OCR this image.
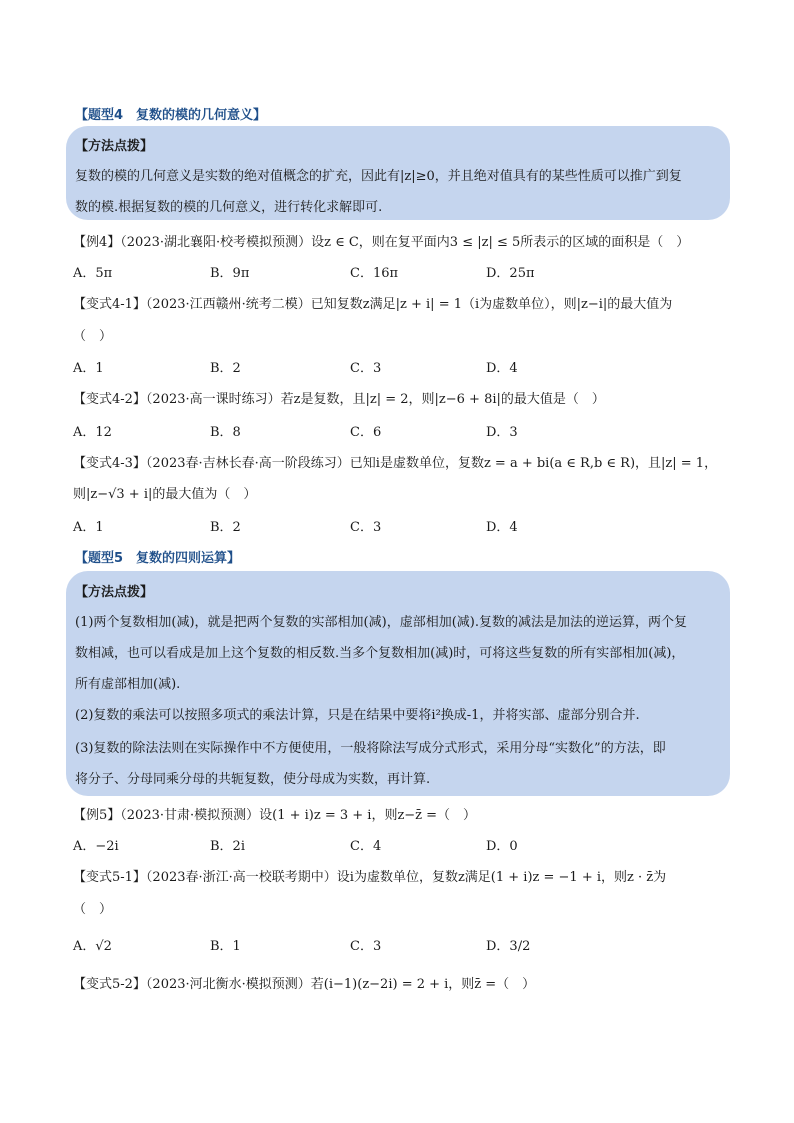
【题型4　复数的模的几何意义】
【方法点拨】
复数的模的几何意义是实数的绝对值概念的扩充，因此有|z|≥0，并且绝对值具有的某些性质可以推广到复
数的模.根据复数的模的几何意义，进行转化求解即可.
【例4】（2023·湖北襄阳·校考模拟预测）设z ∈ C，则在复平面内3 ≤ |z| ≤ 5所表示的区域的面积是（　）
A．5π	B．9π	C．16π	D．25π
【变式4-1】（2023·江西赣州·统考二模）已知复数z满足|z + i| = 1（i为虚数单位），则|z−i|的最大值为
（　）
A．1	B．2	C．3	D．4
【变式4-2】（2023·高一课时练习）若z是复数，且|z| = 2，则|z−6 + 8i|的最大值是（　）
A．12	B．8	C．6	D．3
【变式4-3】（2023春·吉林长春·高一阶段练习）已知i是虚数单位，复数z = a + bi(a ∈ R,b ∈ R)，且|z| = 1，
则|z−√3 + i|的最大值为（　）
A．1	B．2	C．3	D．4
【题型5　复数的四则运算】
【方法点拨】
(1)两个复数相加(减)，就是把两个复数的实部相加(减)，虚部相加(减).复数的减法是加法的逆运算，两个复
数相减，也可以看成是加上这个复数的相反数.当多个复数相加(减)时，可将这些复数的所有实部相加(减)，
所有虚部相加(减).
(2)复数的乘法可以按照多项式的乘法计算，只是在结果中要将i²换成-1，并将实部、虚部分别合并.
(3)复数的除法法则在实际操作中不方便使用，一般将除法写成分式形式，采用分母“实数化”的方法，即
将分子、分母同乘分母的共轭复数，使分母成为实数，再计算.
【例5】（2023·甘肃·模拟预测）设(1 + i)z = 3 + i，则z−z̄ =（　）
A．−2i	B．2i	C．4	D．0
【变式5-1】（2023春·浙江·高一校联考期中）设i为虚数单位，复数z满足(1 + i)z = −1 + i，则z · z̄为
（　）
A．√2	B．1	C．3	D．3/2
【变式5-2】（2023·河北衡水·模拟预测）若(i−1)(z−2i) = 2 + i，则z̄ =（　）
